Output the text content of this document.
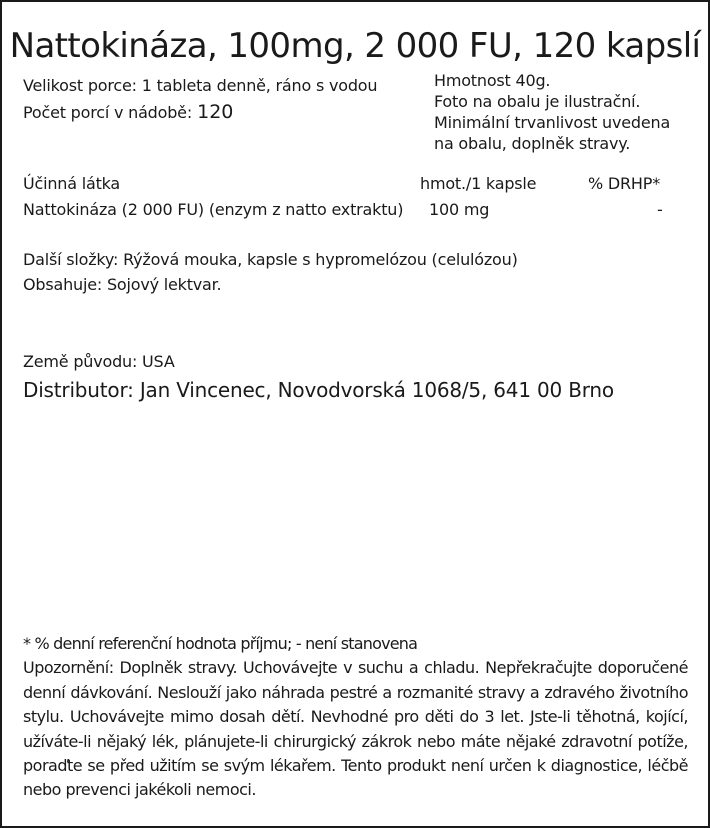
Nattokináza, 100mg, 2 000 FU, 120 kapslí
Velikost porce: 1 tableta denně, ráno s vodou
Počet porcí v nádobě: 120
Hmotnost 40g.
Foto na obalu je ilustrační.
Minimální trvanlivost uvedena
na obalu, doplněk stravy.
Účinná látka	hmot./1 kapsle	% DRHP*
Nattokináza (2 000 FU) (enzym z natto extraktu) 100 mg	-
Další složky: Rýžová mouka, kapsle s hypromelózou (celulózou)
Obsahuje: Sojový lektvar.
Země původu: USA
Distributor: Jan Vincenec, Novodvorská 1068/5, 641 00 Brno
* % denní referenční hodnota příjmu; - není stanovena
Upozornění: Doplněk stravy. Uchovávejte v suchu a chladu. Nepřekračujte doporučené denní dávkování. Neslouží jako náhrada pestré a rozmanité stravy a zdravého životního stylu. Uchovávejte mimo dosah dětí. Nevhodné pro děti do 3 let. Jste-li těhotná, kojící, užíváte-li nějaký lék, plánujete-li chirurgický zákrok nebo máte nějaké zdravotní potíže, poraďte se před užitím se svým lékařem. Tento produkt není určen k diagnostice, léčbě nebo prevenci jakékoli nemoci.
